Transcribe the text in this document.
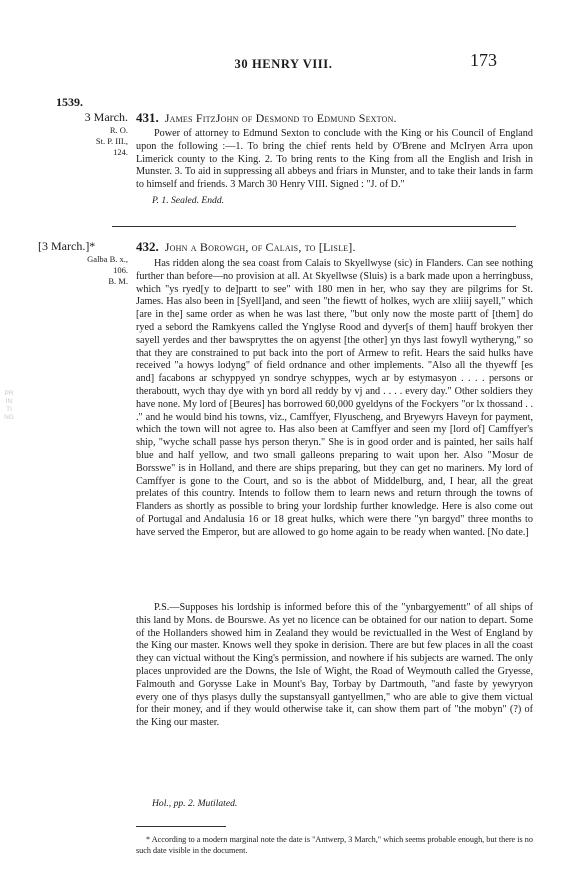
PRINTING
30 HENRY VIII.	173
1539.
3 March.
R. O.
St. P. III.,
124.
431. James FitzJohn of Desmond to Edmund Sexton.

Power of attorney to Edmund Sexton to conclude with the King or his Council of England upon the following :—1. To bring the chief rents held by O'Brene and McIryen Arra upon Limerick county to the King. 2. To bring rents to the King from all the English and Irish in Munster. 3. To aid in suppressing all abbeys and friars in Munster, and to take their lands in farm to himself and friends. 3 March 30 Henry VIII. Signed : "J. of D."

P. 1. Sealed. Endd.
[3 March.]*
Galba B. x.,
106.
B. M.
432. John a Borowgh, of Calais, to [Lisle].

Has ridden along the sea coast from Calais to Skyellwyse (sic) in Flanders. Can see nothing further than before—no provision at all. At Skyellwse (Sluis) is a bark made upon a herringbuss, which "ys ryed[y to de]partt to see" with 180 men in her, who say they are pilgrims for St. James. Has also been in [Syell]and, and seen "the fiewtt of holkes, wych are xliiij sayell," which [are in the] same order as when he was last there, "but only now the moste partt of [them] do ryed a sebord the Ramkyens called the Ynglyse Rood and dyver[s of them] hauff brokyen ther sayell yerdes and ther bawspryttes the on agyenst [the other] yn thys last fowyll wytheryng," so that they are constrained to put back into the port of Armew to refit. Hears the said hulks have received "a howys lodyng" of field ordnance and other implements. "Also all the thyewff [es and] facabons ar schyppyed yn sondrye schyppes, wych ar by estymasyon . . . . persons or theraboutt, wych thay dye with yn bord all reddy by vj and . . . . every day." Other soldiers they have none. My lord of [Beures] has borrowed 60,000 gyeldyns of the Fockyers "or lx thossand . . ." and he would bind his towns, viz., Camffyer, Flyuscheng, and Bryewyrs Haveyn for payment, which the town will not agree to. Has also been at Camffyer and seen my [lord of] Camffyer's ship, "wyche schall passe hys person theryn." She is in good order and is painted, her sails half blue and half yellow, and two small galleons preparing to wait upon her. Also "Mosur de Borsswe" is in Holland, and there are ships preparing, but they can get no mariners. My lord of Camffyer is gone to the Court, and so is the abbot of Middelburg, and, I hear, all the great prelates of this country. Intends to follow them to learn news and return through the towns of Flanders as shortly as possible to bring your lordship further knowledge. Here is also come out of Portugal and Andalusia 16 or 18 great hulks, which were there "yn bargyd" three months to have served the Emperor, but are allowed to go home again to be ready when wanted. [No date.]

P.S.—Supposes his lordship is informed before this of the "ynbargyementt" of all ships of this land by Mons. de Bourswe. As yet no licence can be obtained for our nation to depart. Some of the Hollanders showed him in Zealand they would be revictualled in the West of England by the King our master. Knows well they spoke in derision. There are but few places in all the coast they can victual without the King's permission, and nowhere if his subjects are warned. The only places unprovided are the Downs, the Isle of Wight, the Road of Weymouth called the Gryesse, Falmouth and Gorysse Lake in Mount's Bay, Torbay by Dartmouth, "and faste by yewyryon every one of thys plasys dully the supstansyall gantyellmen," who are able to give them victual for their money, and if they would otherwise take it, can show them part of "the mobyn" (?) of the King our master.

Hol., pp. 2. Mutilated.
* According to a modern marginal note the date is "Antwerp, 3 March," which seems probable enough, but there is no such date visible in the document.
